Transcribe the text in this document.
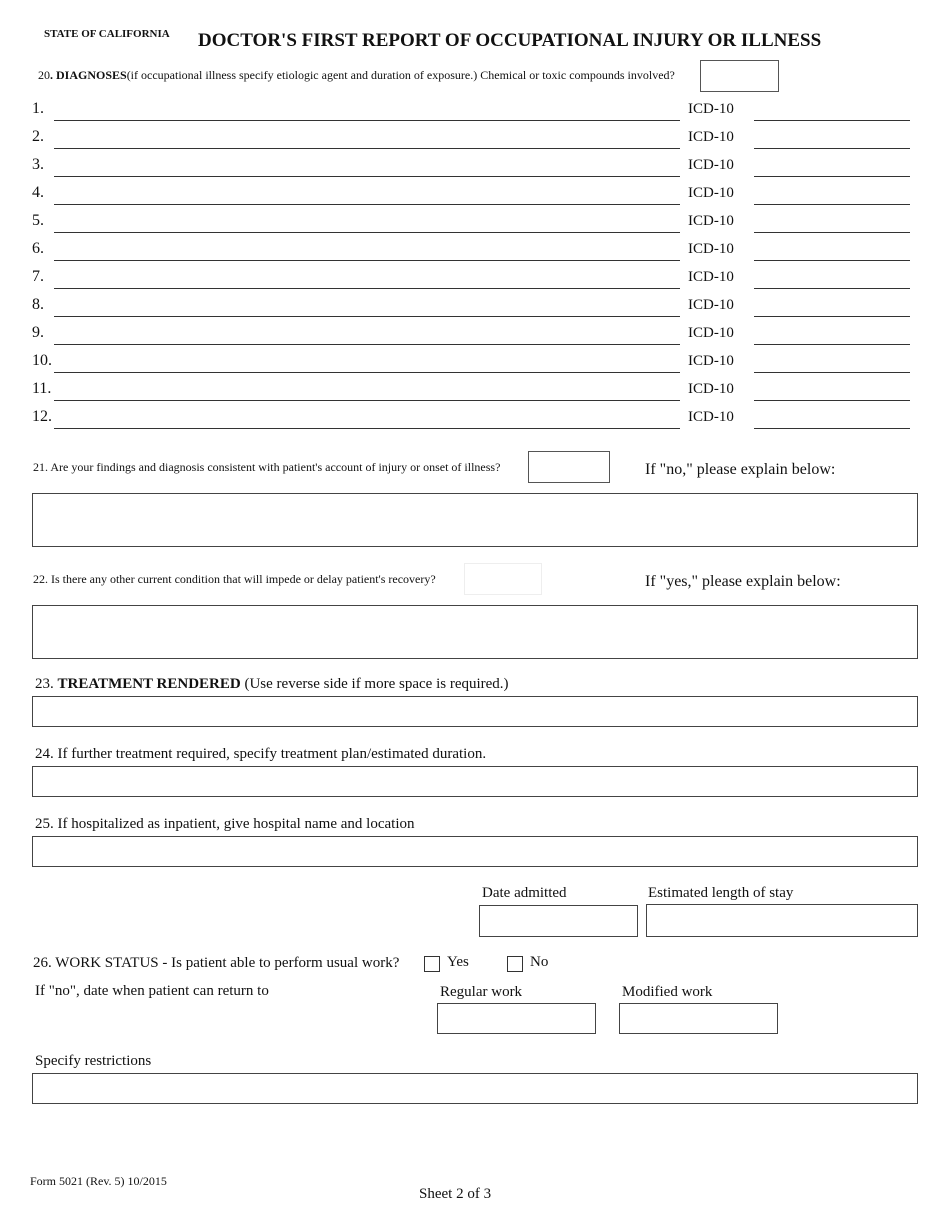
STATE OF CALIFORNIA DOCTOR'S FIRST REPORT OF OCCUPATIONAL INJURY OR ILLNESS
20. DIAGNOSES(if occupational illness specify etiologic agent and duration of exposure.) Chemical or toxic compounds involved?
1.	ICD-10
2.	ICD-10
3.	ICD-10
4.	ICD-10
5.	ICD-10
6.	ICD-10
7.	ICD-10
8.	ICD-10
9.	ICD-10
10.	ICD-10
11.	ICD-10
12.	ICD-10
21. Are your findings and diagnosis consistent with patient's account of injury or onset of illness?	If "no," please explain below:
22. Is there any other current condition that will impede or delay patient's recovery?	If "yes," please explain below:
23. TREATMENT RENDERED (Use reverse side if more space is required.)
24. If further treatment required, specify treatment plan/estimated duration.
25. If hospitalized as inpatient, give hospital name and location
Date admitted	Estimated length of stay
26. WORK STATUS - Is patient able to perform usual work?	Yes	No
If "no", date when patient can return to	Regular work	Modified work
Specify restrictions
Form 5021 (Rev. 5) 10/2015
Sheet 2 of 3
